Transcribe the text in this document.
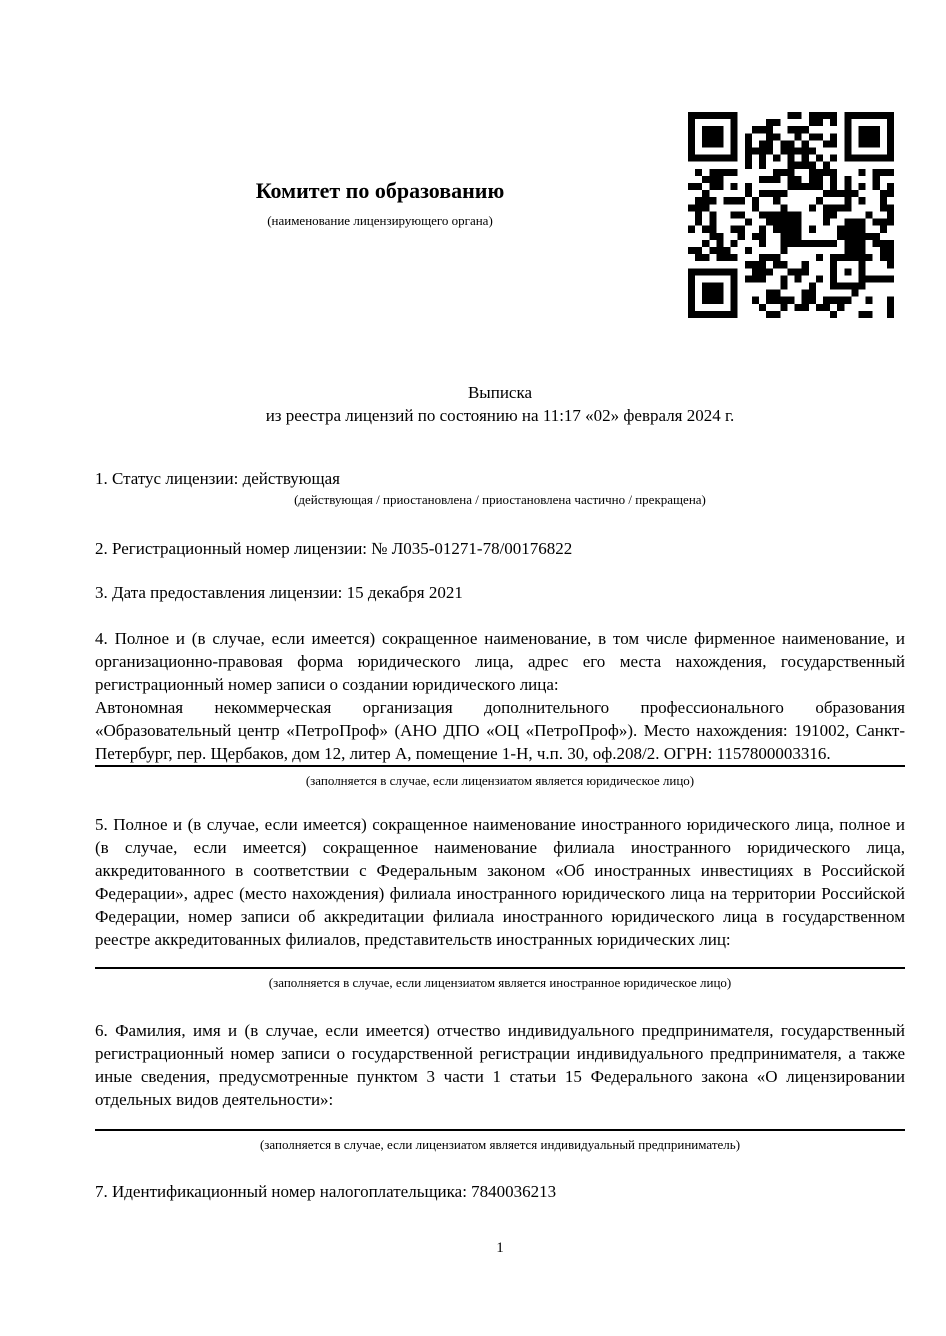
Комитет по образованию
(наименование лицензирующего органа)
Выписка
из реестра лицензий по состоянию на 11:17 «02» февраля 2024 г.
1. Статус лицензии: действующая
(действующая / приостановлена / приостановлена частично / прекращена)
2. Регистрационный номер лицензии: № Л035-01271-78/00176822
3. Дата предоставления лицензии: 15 декабря 2021
4. Полное и (в случае, если имеется) сокращенное наименование, в том числе фирменное наименование, и организационно-правовая форма юридического лица, адрес его места нахождения, государственный регистрационный номер записи о создании юридического лица:
Автономная некоммерческая организация дополнительного профессионального образования «Образовательный центр «ПетроПроф» (АНО ДПО «ОЦ «ПетроПроф»). Место нахождения: 191002, Санкт-Петербург, пер. Щербаков, дом 12, литер А, помещение 1-Н, ч.п. 30, оф.208/2. ОГРН: 1157800003316.
(заполняется в случае, если лицензиатом является юридическое лицо)
5. Полное и (в случае, если имеется) сокращенное наименование иностранного юридического лица, полное и (в случае, если имеется) сокращенное наименование филиала иностранного юридического лица, аккредитованного в соответствии с Федеральным законом «Об иностранных инвестициях в Российской Федерации», адрес (место нахождения) филиала иностранного юридического лица на территории Российской Федерации, номер записи об аккредитации филиала иностранного юридического лица в государственном реестре аккредитованных филиалов, представительств иностранных юридических лиц:
(заполняется в случае, если лицензиатом является иностранное юридическое лицо)
6. Фамилия, имя и (в случае, если имеется) отчество индивидуального предпринимателя, государственный регистрационный номер записи о государственной регистрации индивидуального предпринимателя, а также иные сведения, предусмотренные пунктом 3 части 1 статьи 15 Федерального закона «О лицензировании отдельных видов деятельности»:
(заполняется в случае, если лицензиатом является индивидуальный предприниматель)
7. Идентификационный номер налогоплательщика: 7840036213
1
